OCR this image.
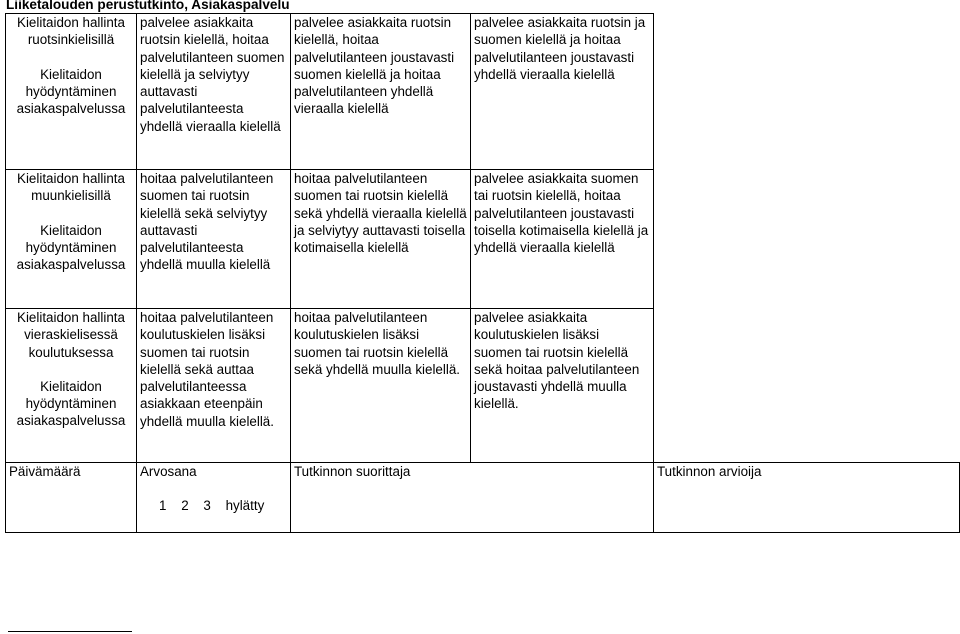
Liiketalouden perustutkinto, Asiakaspalvelu
Kielitaidon hallinta ruotsinkielisillä
Kielitaidon hyödyntäminen asiakaspalvelussa	palvelee asiakkaita ruotsin kielellä, hoitaa palvelutilanteen suomen kielellä ja selviytyy auttavasti palvelutilanteesta yhdellä vieraalla kielellä	palvelee asiakkaita ruotsin kielellä, hoitaa palvelutilanteen joustavasti suomen kielellä ja hoitaa palvelutilanteen yhdellä vieraalla kielellä	palvelee asiakkaita ruotsin ja suomen kielellä ja hoitaa palvelutilanteen joustavasti yhdellä vieraalla kielellä	

Kielitaidon hallinta muunkielisillä
Kielitaidon hyödyntäminen asiakaspalvelussa	hoitaa palvelutilanteen suomen tai ruotsin kielellä sekä selviytyy auttavasti palvelutilanteesta yhdellä muulla kielellä	hoitaa palvelutilanteen suomen tai ruotsin kielellä sekä yhdellä vieraalla kielellä ja selviytyy auttavasti toisella kotimaisella kielellä	palvelee asiakkaita suomen tai ruotsin kielellä, hoitaa palvelutilanteen joustavasti toisella kotimaisella kielellä ja yhdellä vieraalla kielellä	

Kielitaidon hallinta vieraskielisessä koulutuksessa
Kielitaidon hyödyntäminen asiakaspalvelussa	hoitaa palvelutilanteen koulutuskielen lisäksi suomen tai ruotsin kielellä sekä auttaa palvelutilanteessa asiakkaan eteenpäin yhdellä muulla kielellä.	hoitaa palvelutilanteen koulutuskielen lisäksi suomen tai ruotsin kielellä sekä yhdellä muulla kielellä.	palvelee asiakkaita koulutuskielen lisäksi suomen tai ruotsin kielellä sekä hoitaa palvelutilanteen joustavasti yhdellä muulla kielellä.	

Päivämäärä	Arvosana	Tutkinnon suorittaja		Tutkinnon arvioija
1 2 3 hylätty
